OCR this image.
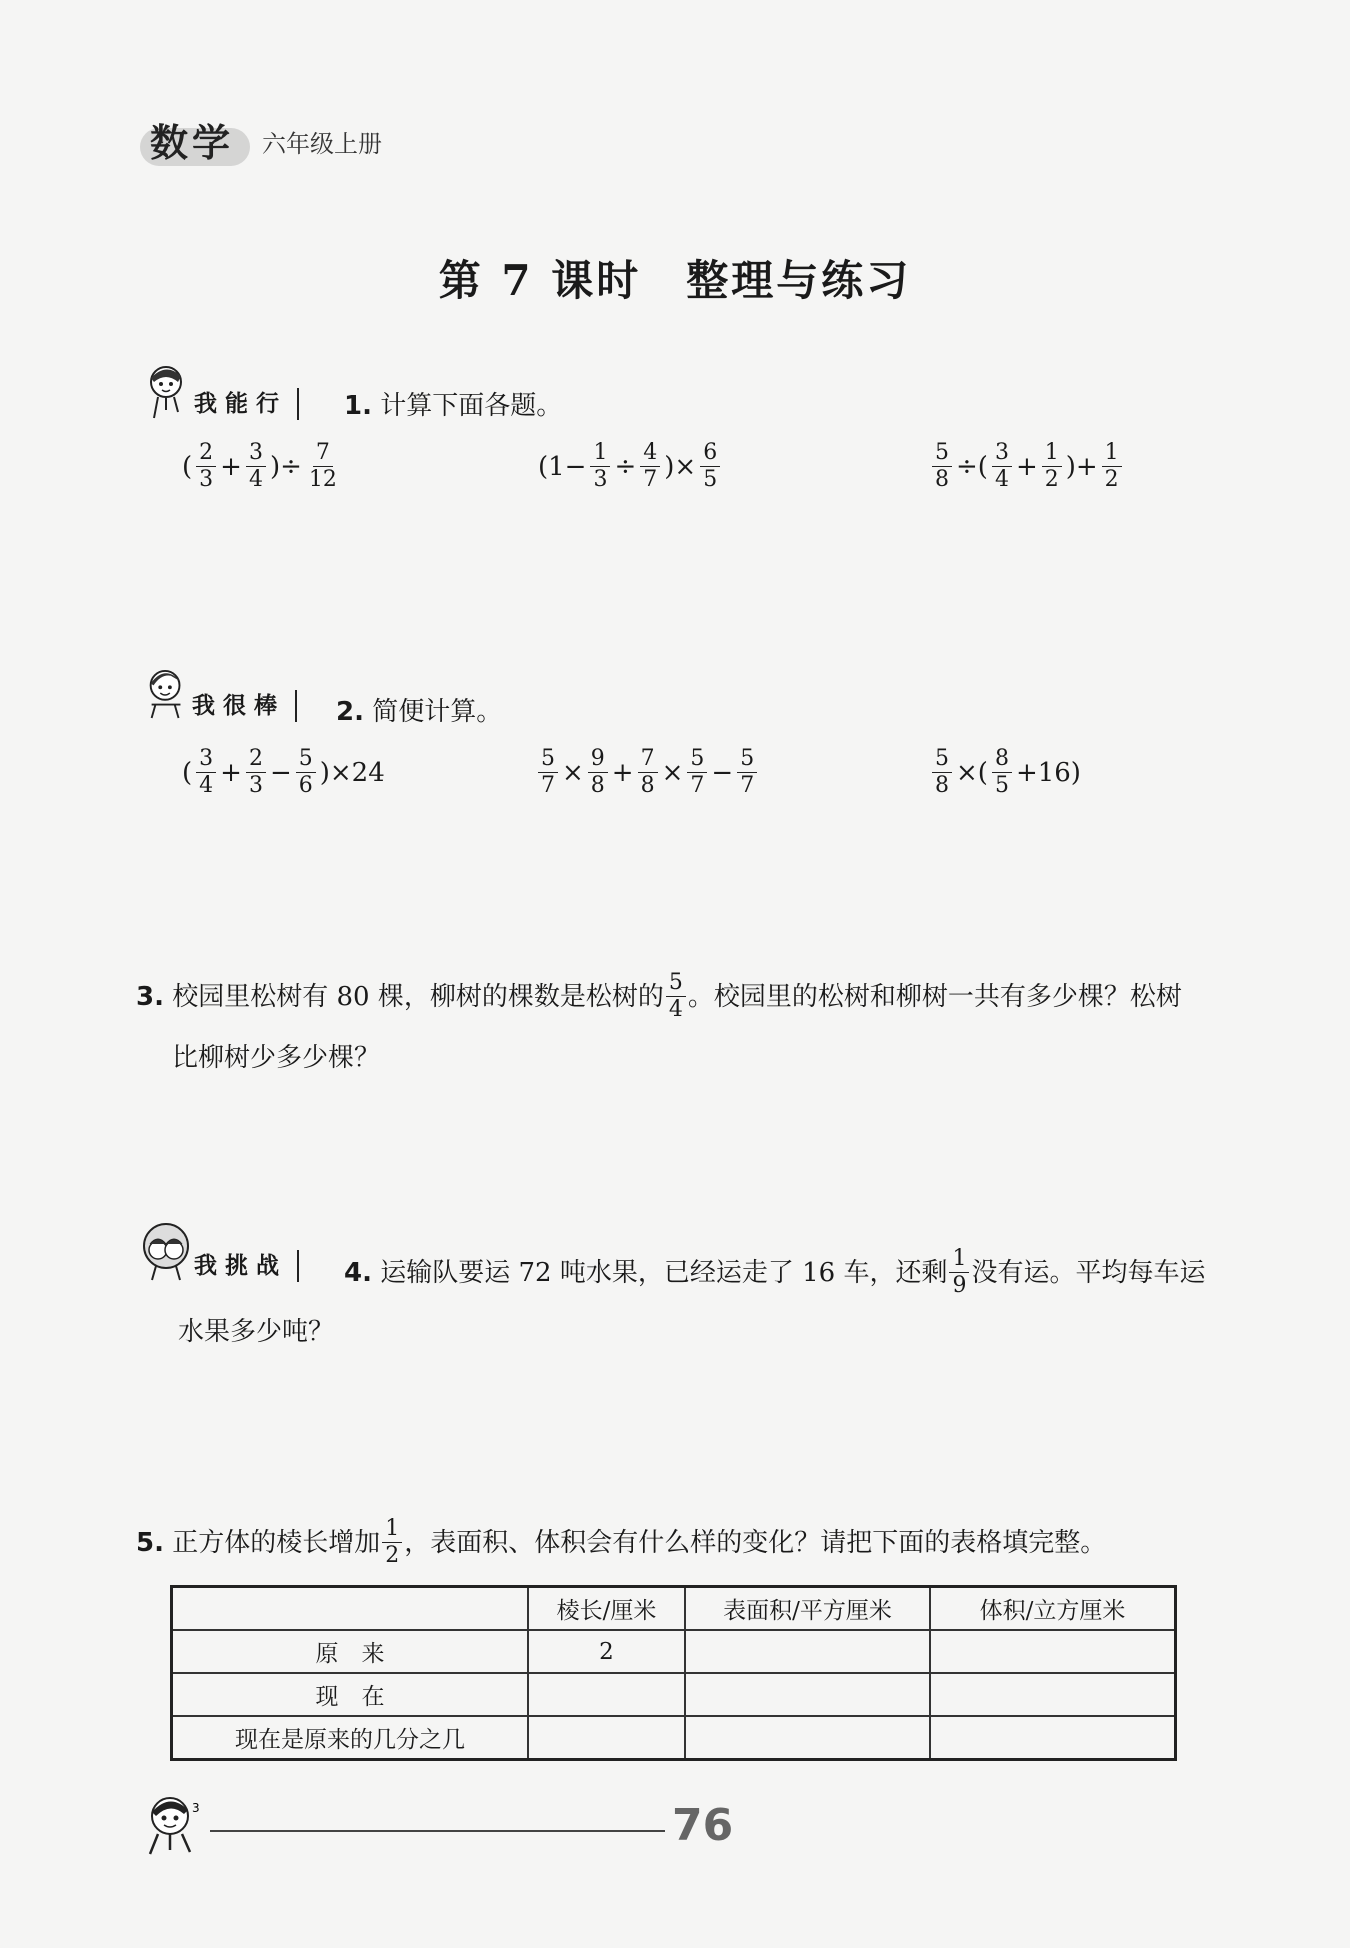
数学 六年级上册
第 7 课时　整理与练习
我能行	1. 计算下面各题。
( $\frac{2}{3} + \frac{3}{4}$ )÷ $\frac{7}{12}$	($1- \frac{1}{3} \div \frac{4}{7}$ )× $\frac{6}{5}$	$\frac{5}{8}$ ÷( $\frac{3}{4} + \frac{1}{2}$ )+ $\frac{1}{2}$
我很棒	2. 简便计算。
( $\frac{3}{4} + \frac{2}{3} - \frac{5}{6} )\times 24$	$\frac{5}{7} \times \frac{9}{8} + \frac{7}{8} \times \frac{5}{7} - \frac{5}{7}$	$\frac{5}{8}$ ×( $\frac{8}{5} +16$)
3.
校园里松树有 80 棵，柳树的棵数是松树的 $\frac{5}{4}$ 。校园里的松树和柳树一共有多少棵？松树
比柳树少多少棵？
我挑战	4.
运输队要运 72 吨水果，已经运走了 16 车，还剩 $\frac{1}{9}$ 没有运。平均每车运
水果多少吨？
5.
正方体的棱长增加 $\frac{1}{2}$ ，表面积、体积会有什么样的变化？请把下面的表格填完整。
	棱长/厘米	表面积/平方厘米	体积/立方厘米
原　来	2		
现　在			
现在是原来的几分之几			
3	76
